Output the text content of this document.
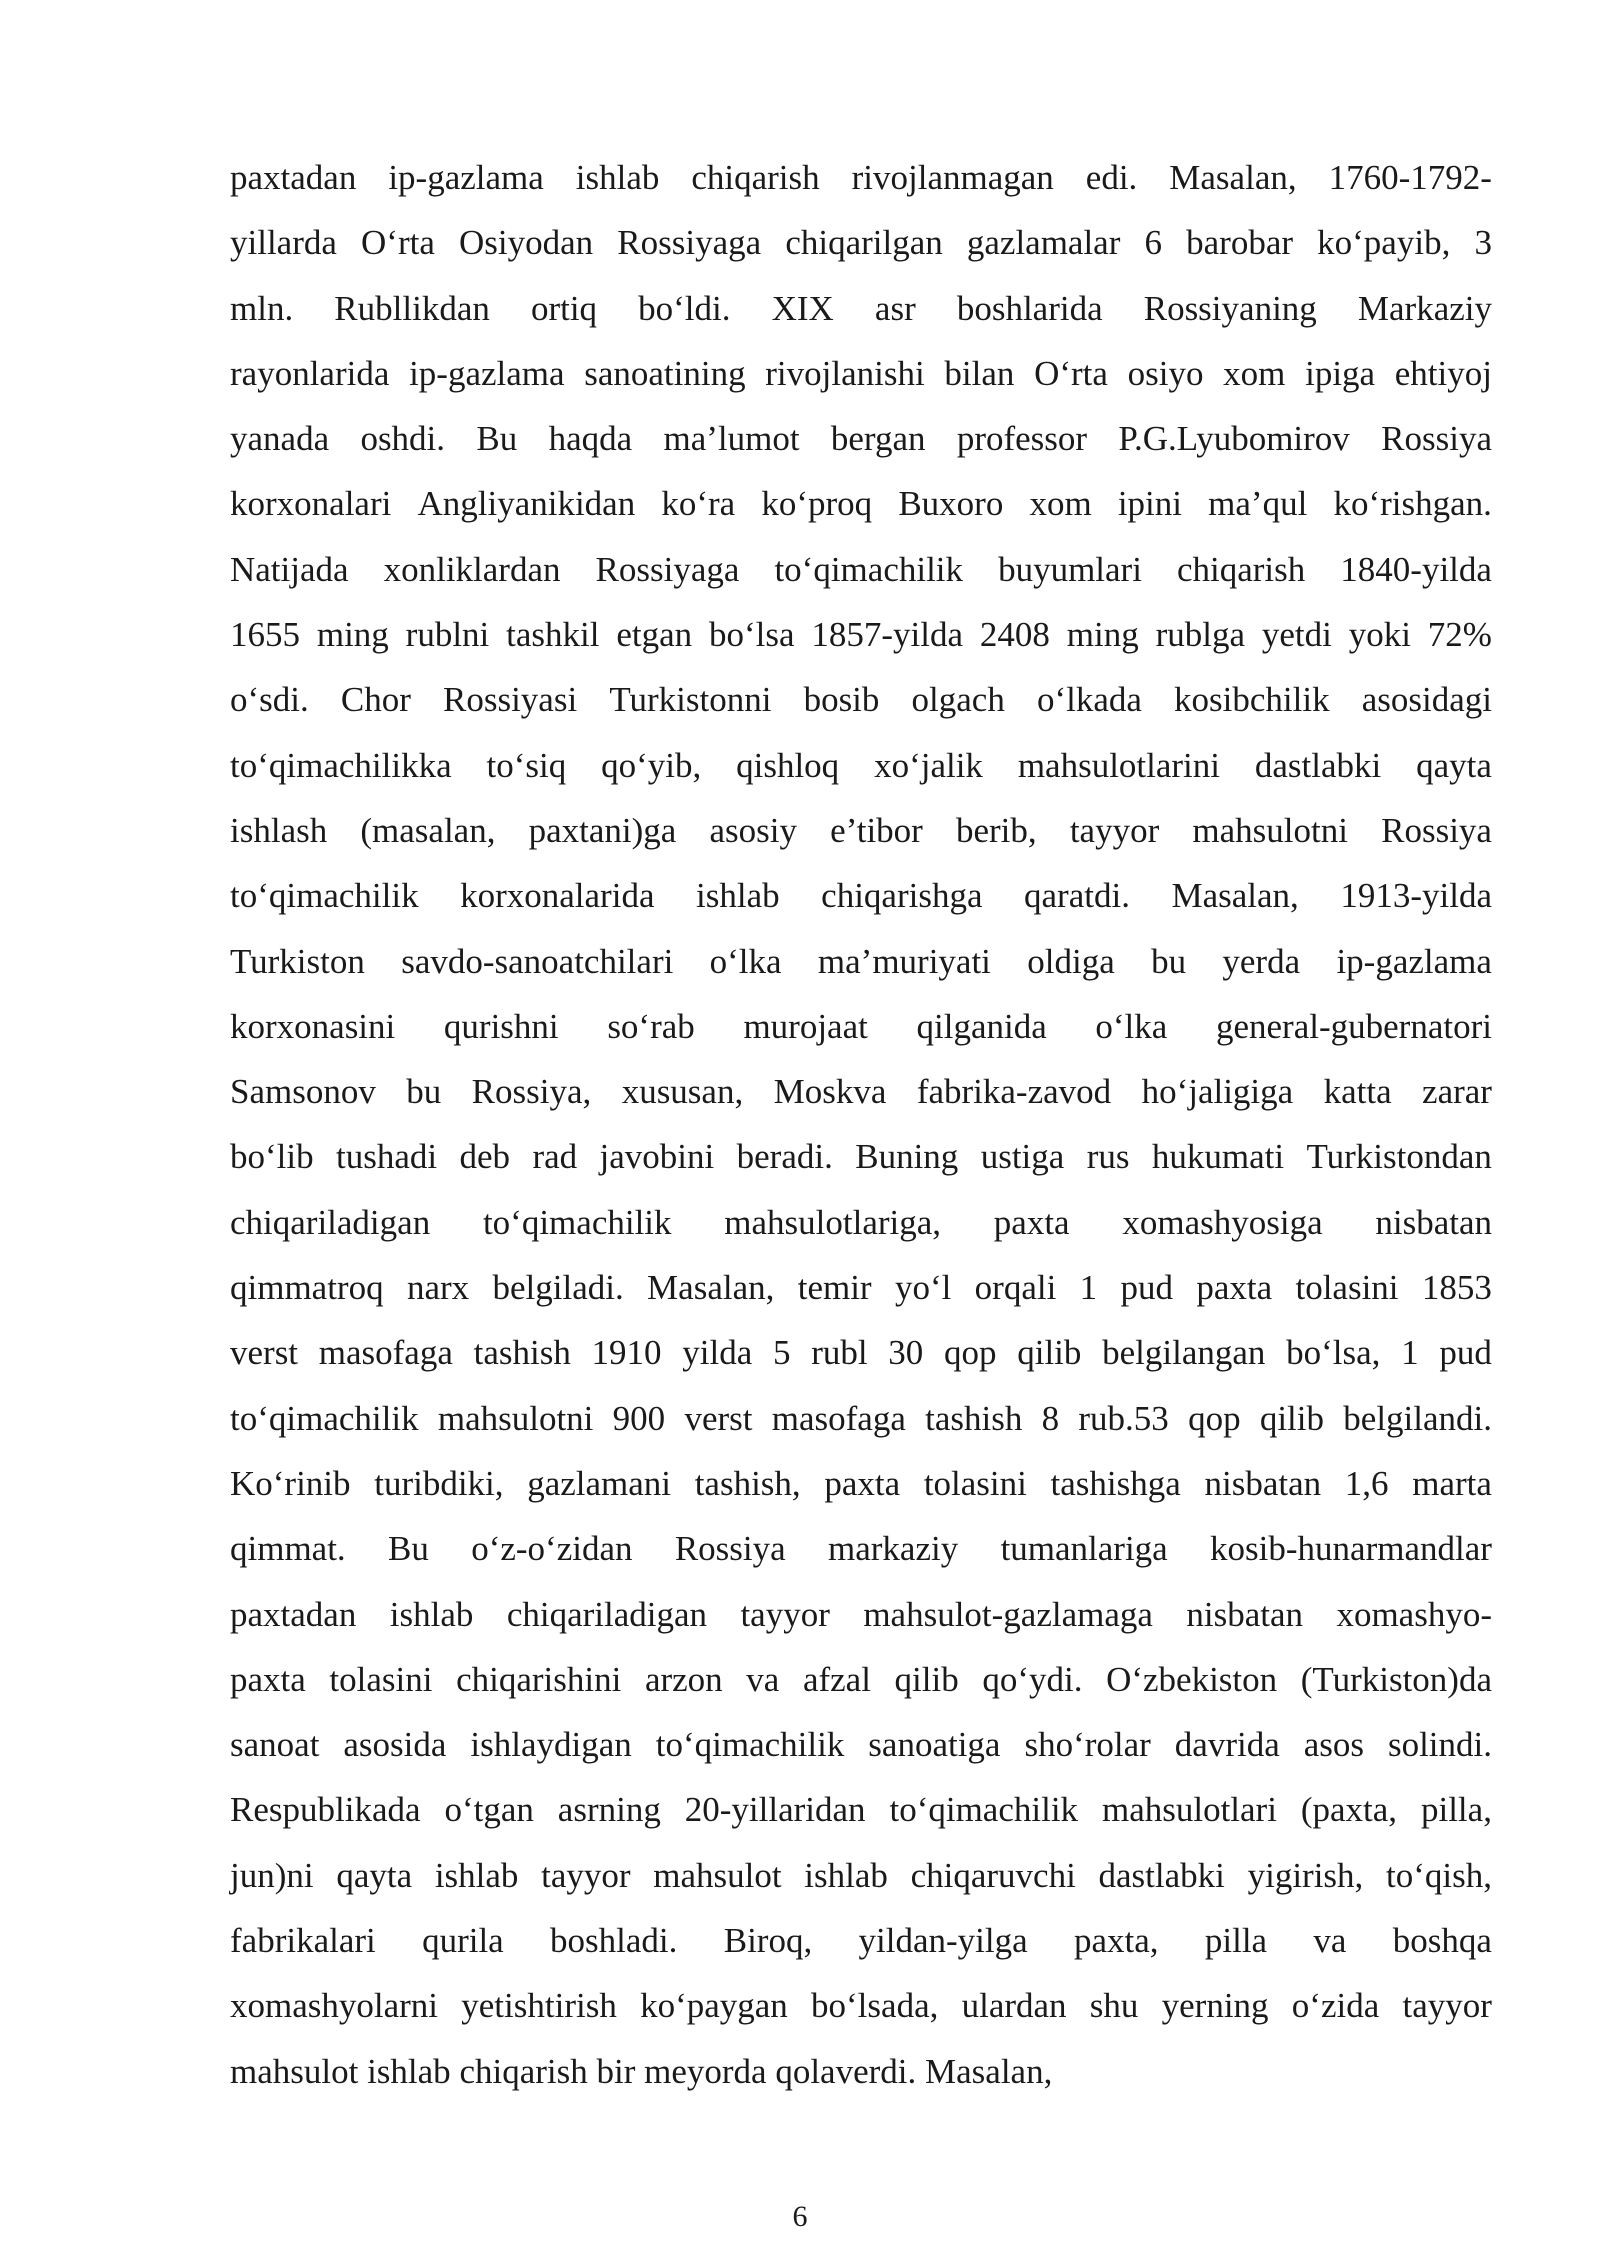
paxtadan ip-gazlama ishlab chiqarish rivojlanmagan edi. Masalan, 1760-1792-
yillarda O‘rta Osiyodan Rossiyaga chiqarilgan gazlamalar 6 barobar ko‘payib, 3
mln. Rubllikdan ortiq bo‘ldi. XIX asr boshlarida Rossiyaning Markaziy
rayonlarida ip-gazlama sanoatining rivojlanishi bilan O‘rta osiyo xom ipiga ehtiyoj
yanada oshdi. Bu haqda ma’lumot bergan professor P.G.Lyubomirov Rossiya
korxonalari Angliyanikidan ko‘ra ko‘proq Buxoro xom ipini ma’qul ko‘rishgan.
Natijada xonliklardan Rossiyaga to‘qimachilik buyumlari chiqarish 1840-yilda
1655 ming rublni tashkil etgan bo‘lsa 1857-yilda 2408 ming rublga yetdi yoki 72%
o‘sdi. Chor Rossiyasi Turkistonni bosib olgach o‘lkada kosibchilik asosidagi
to‘qimachilikka to‘siq qo‘yib, qishloq xo‘jalik mahsulotlarini dastlabki qayta
ishlash (masalan, paxtani)ga asosiy e’tibor berib, tayyor mahsulotni Rossiya
to‘qimachilik korxonalarida ishlab chiqarishga qaratdi. Masalan, 1913-yilda
Turkiston savdo-sanoatchilari o‘lka ma’muriyati oldiga bu yerda ip-gazlama
korxonasini qurishni so‘rab murojaat qilganida o‘lka general-gubernatori
Samsonov bu Rossiya, xususan, Moskva fabrika-zavod ho‘jaligiga katta zarar
bo‘lib tushadi deb rad javobini beradi. Buning ustiga rus hukumati Turkistondan
chiqariladigan to‘qimachilik mahsulotlariga, paxta xomashyosiga nisbatan
qimmatroq narx belgiladi. Masalan, temir yo‘l orqali 1 pud paxta tolasini 1853
verst masofaga tashish 1910 yilda 5 rubl 30 qop qilib belgilangan bo‘lsa, 1 pud
to‘qimachilik mahsulotni 900 verst masofaga tashish 8 rub.53 qop qilib belgilandi.
Ko‘rinib turibdiki, gazlamani tashish, paxta tolasini tashishga nisbatan 1,6 marta
qimmat. Bu o‘z-o‘zidan Rossiya markaziy tumanlariga kosib-hunarmandlar
paxtadan ishlab chiqariladigan tayyor mahsulot-gazlamaga nisbatan xomashyo-
paxta tolasini chiqarishini arzon va afzal qilib qo‘ydi. O‘zbekiston (Turkiston)da
sanoat asosida ishlaydigan to‘qimachilik sanoatiga sho‘rolar davrida asos solindi.
Respublikada o‘tgan asrning 20-yillaridan to‘qimachilik mahsulotlari (paxta, pilla,
jun)ni qayta ishlab tayyor mahsulot ishlab chiqaruvchi dastlabki yigirish, to‘qish,
fabrikalari qurila boshladi. Biroq, yildan-yilga paxta, pilla va boshqa
xomashyolarni yetishtirish ko‘paygan bo‘lsada, ulardan shu yerning o‘zida tayyor
mahsulot ishlab chiqarish bir meyorda qolaverdi. Masalan,
6
